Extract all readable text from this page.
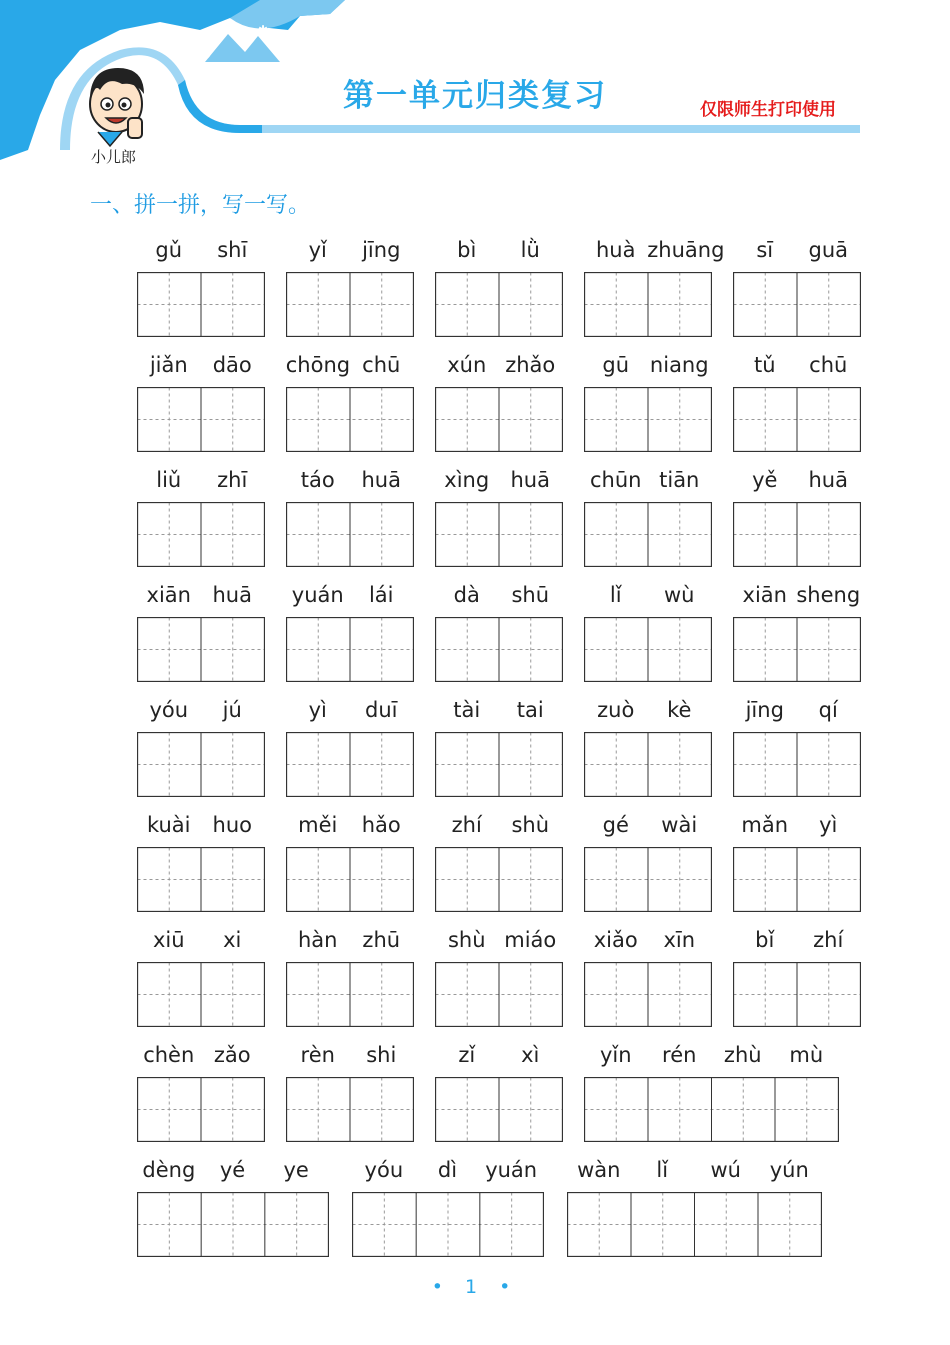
✱
小儿郎
第一单元归类复习	仅限师生打印使用
一、拼一拼，写一写。
gǔ	shī	yǐ	jīng	bì	lǜ	huà zhuāng	sī	guā
jiǎn	dāo	chōng chū	xún zhǎo	gū niang	tǔ	chū
liǔ	zhī	táo	huā	xìng	huā	chūn tiān	yě	huā
xiān	huā	yuán	lái	dà	shū	lǐ	wù	xiān sheng
yóu	jú	yì	duī	tài	tai	zuò	kè	jīng	qí
kuài	huo	měi	hǎo	zhí	shù	gé	wài	mǎn	yì
xiū	xi	hàn	zhū	shù miáo	xiǎo	xīn	bǐ	zhí
chèn zǎo	rèn	shi	zǐ	xì	yǐn	rén	zhù	mù
dèng	yé	ye	yóu	dì	yuán	wàn	lǐ	wú	yún
• 1 •
